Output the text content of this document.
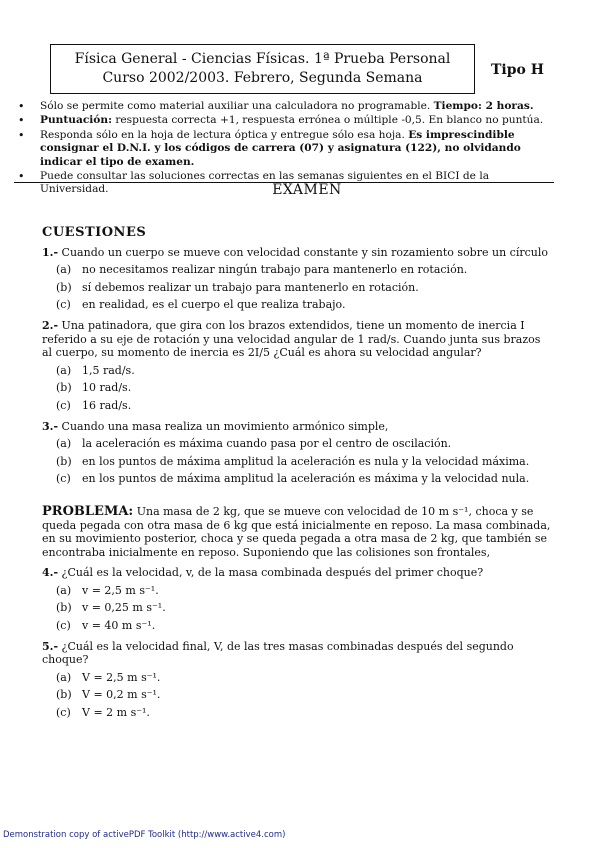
Física General - Ciencias Físicas. 1ª Prueba Personal
Curso 2002/2003. Febrero, Segunda Semana	Tipo H
• Sólo se permite como material auxiliar una calculadora no programable. Tiempo: 2 horas.
• Puntuación: respuesta correcta +1, respuesta errónea o múltiple -0,5. En blanco no puntúa.
• Responda sólo en la hoja de lectura óptica y entregue sólo esa hoja. Es imprescindible consignar el D.N.I. y los códigos de carrera (07) y asignatura (122), no olvidando indicar el tipo de examen.
• Puede consultar las soluciones correctas en las semanas siguientes en el BICI de la Universidad.	EXAMEN
CUESTIONES
1.- Cuando un cuerpo se mueve con velocidad constante y sin rozamiento sobre un círculo
(a) no necesitamos realizar ningún trabajo para mantenerlo en rotación.
(b) sí debemos realizar un trabajo para mantenerlo en rotación.
(c) en realidad, es el cuerpo el que realiza trabajo.
2.- Una patinadora, que gira con los brazos extendidos, tiene un momento de inercia I referido a su eje de rotación y una velocidad angular de 1 rad/s. Cuando junta sus brazos al cuerpo, su momento de inercia es 2I/5 ¿Cuál es ahora su velocidad angular?
(a) 1,5 rad/s.
(b) 10 rad/s.
(c) 16 rad/s.
3.- Cuando una masa realiza un movimiento armónico simple,
(a) la aceleración es máxima cuando pasa por el centro de oscilación.
(b) en los puntos de máxima amplitud la aceleración es nula y la velocidad máxima.
(c) en los puntos de máxima amplitud la aceleración es máxima y la velocidad nula.
PROBLEMA: Una masa de 2 kg, que se mueve con velocidad de 10 m s⁻¹, choca y se queda pegada con otra masa de 6 kg que está inicialmente en reposo. La masa combinada, en su movimiento posterior, choca y se queda pegada a otra masa de 2 kg, que también se encontraba inicialmente en reposo. Suponiendo que las colisiones son frontales,
4.- ¿Cuál es la velocidad, v, de la masa combinada después del primer choque?
(a) v = 2,5 m s⁻¹.
(b) v = 0,25 m s⁻¹.
(c) v = 40 m s⁻¹.
5.- ¿Cuál es la velocidad final, V, de las tres masas combinadas después del segundo choque?
(a) V = 2,5 m s⁻¹.
(b) V = 0,2 m s⁻¹.
(c) V = 2 m s⁻¹.
Demonstration copy of activePDF Toolkit (http://www.active4.com)
